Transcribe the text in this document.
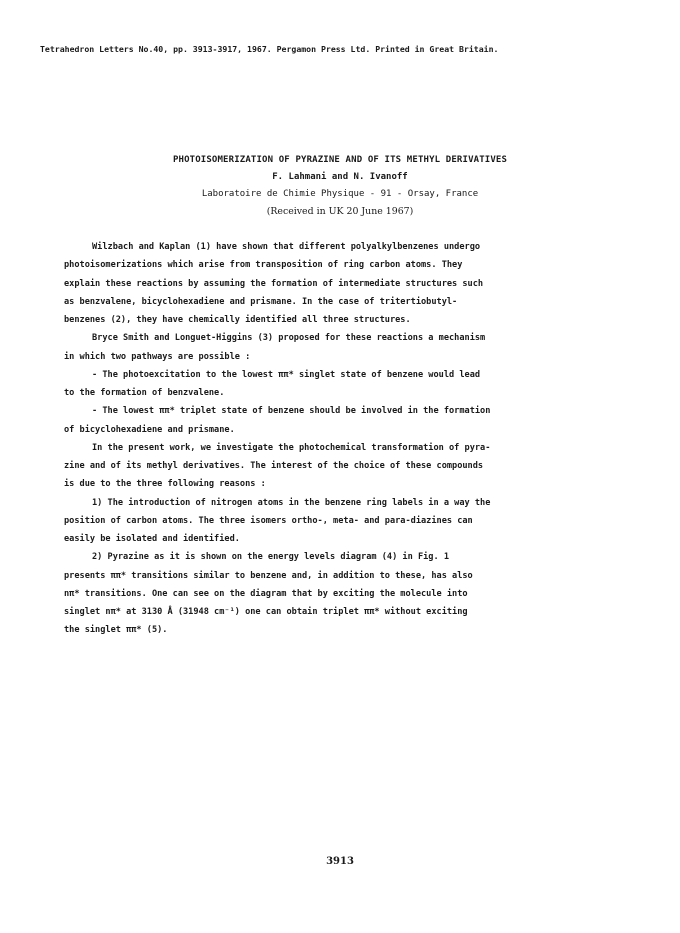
Tetrahedron Letters No.40, pp. 3913-3917, 1967. Pergamon Press Ltd. Printed in Great Britain.
PHOTOISOMERIZATION OF PYRAZINE AND OF ITS METHYL DERIVATIVES
F. Lahmani and N. Ivanoff
Laboratoire de Chimie Physique - 91 - Orsay, France
(Received in UK 20 June 1967)
Wilzbach and Kaplan (1) have shown that different polyalkylbenzenes undergo
photoisomerizations which arise from transposition of ring carbon atoms. They
explain these reactions by assuming the formation of intermediate structures such
as benzvalene, bicyclohexadiene and prismane. In the case of tritertiobutyl-
benzenes (2), they have chemically identified all three structures.
Bryce Smith and Longuet-Higgins (3) proposed for these reactions a mechanism
in which two pathways are possible :
- The photoexcitation to the lowest ππ* singlet state of benzene would lead
to the formation of benzvalene.
- The lowest ππ* triplet state of benzene should be involved in the formation
of bicyclohexadiene and prismane.
In the present work, we investigate the photochemical transformation of pyra-
zine and of its methyl derivatives. The interest of the choice of these compounds
is due to the three following reasons :
1) The introduction of nitrogen atoms in the benzene ring labels in a way the
position of carbon atoms. The three isomers ortho-, meta- and para-diazines can
easily be isolated and identified.
2) Pyrazine as it is shown on the energy levels diagram (4) in Fig. 1
presents ππ* transitions similar to benzene and, in addition to these, has also
nπ* transitions. One can see on the diagram that by exciting the molecule into
singlet nπ* at 3130 Å (31948 cm⁻¹) one can obtain triplet ππ* without exciting
the singlet ππ* (5).
3913
